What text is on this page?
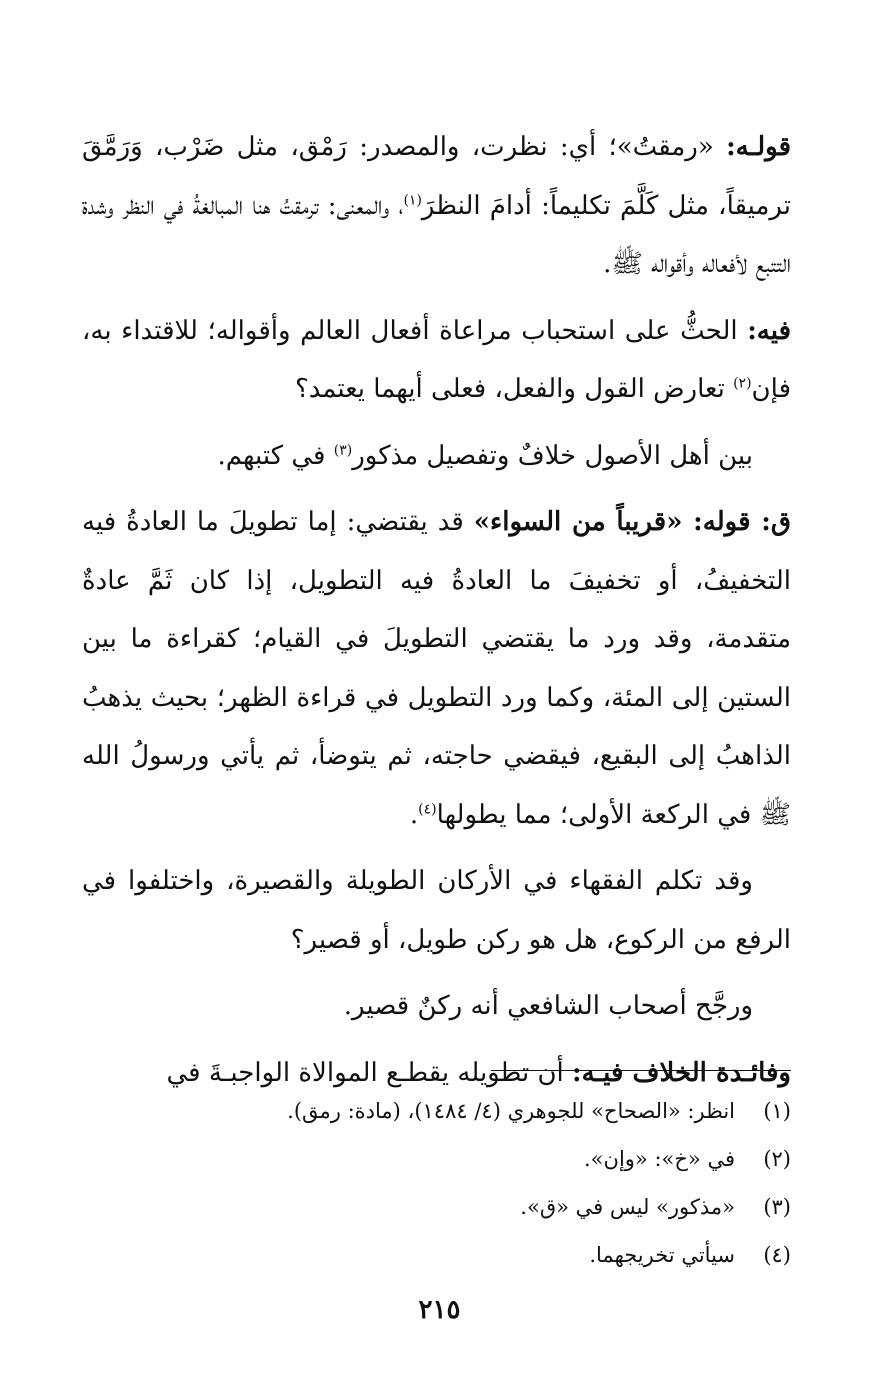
قولـه: «رمقتُ»؛ أي: نظرت، والمصدر: رَمْق، مثل ضَرْب، وَرَمَّقَ ترميقاً، مثل كَلَّمَ تكليماً: أدامَ النظرَ$^{(١)}$، والمعنى: ترمقتُ هنا المبالغةُ في النظر وشدة التتبع لأفعاله وأقواله ﷺ.

فيه: الحثُّ على استحباب مراعاة أفعال العالم وأقواله؛ للاقتداء به، فإن$^{(٢)}$ تعارض القول والفعل، فعلى أيهما يعتمد؟

بين أهل الأصول خلافٌ وتفصيل مذكور$^{(٣)}$ في كتبهم.

ق: قوله: «قريباً من السواء» قد يقتضي: إما تطويلَ ما العادةُ فيه التخفيفُ، أو تخفيفَ ما العادةُ فيه التطويل، إذا كان ثَمَّ عادةٌ متقدمة، وقد ورد ما يقتضي التطويلَ في القيام؛ كقراءة ما بين الستين إلى المئة، وكما ورد التطويل في قراءة الظهر؛ بحيث يذهبُ الذاهبُ إلى البقيع، فيقضي حاجته، ثم يتوضأ، ثم يأتي ورسولُ الله ﷺ في الركعة الأولى؛ مما يطولها$^{(٤)}$.

وقد تكلم الفقهاء في الأركان الطويلة والقصيرة، واختلفوا في الرفع من الركوع، هل هو ركن طويل، أو قصير؟

ورجَّح أصحاب الشافعي أنه ركنٌ قصير.

وفائـدة الخلاف فيـه: أن تطويله يقطـع الموالاة الواجبـةَ في

(١)
انظر: «الصحاح» للجوهري (٤/ ١٤٨٤)، (مادة: رمق).
(٢)
في «خ»: «وإن».
(٣)
«مذكور» ليس في «ق».
(٤)
سيأتي تخريجهما.
٢١٥
